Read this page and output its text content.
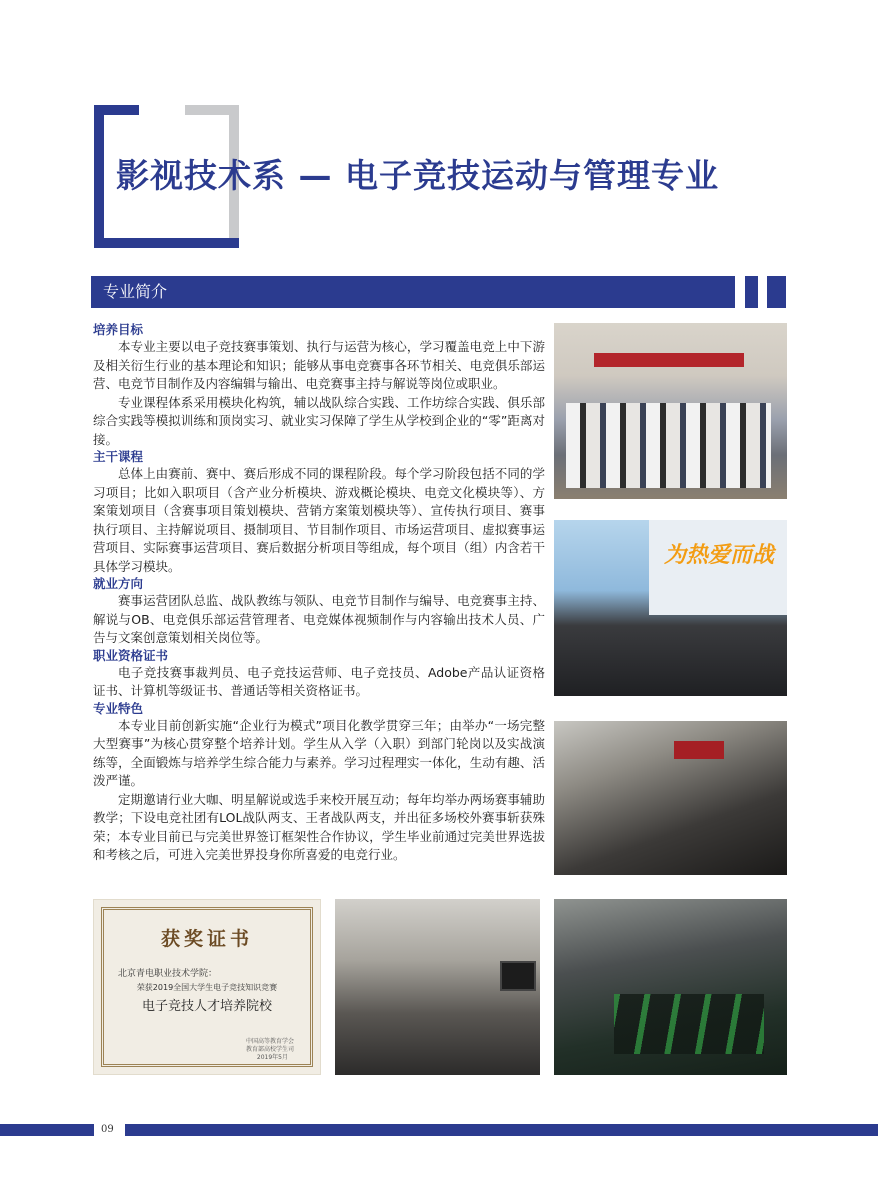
影视技术系 — 电子竞技运动与管理专业
专业简介

培养目标

本专业主要以电子竞技赛事策划、执行与运营为核心，学习覆盖电竞上中下游及相关衍生行业的基本理论和知识；能够从事电竞赛事各环节相关、电竞俱乐部运营、电竞节目制作及内容编辑与输出、电竞赛事主持与解说等岗位或职业。

专业课程体系采用模块化构筑，辅以战队综合实践、工作坊综合实践、俱乐部综合实践等模拟训练和顶岗实习、就业实习保障了学生从学校到企业的“零”距离对接。

主干课程

总体上由赛前、赛中、赛后形成不同的课程阶段。每个学习阶段包括不同的学习项目；比如入职项目（含产业分析模块、游戏概论模块、电竞文化模块等）、方案策划项目（含赛事项目策划模块、营销方案策划模块等）、宣传执行项目、赛事执行项目、主持解说项目、摄制项目、节目制作项目、市场运营项目、虚拟赛事运营项目、实际赛事运营项目、赛后数据分析项目等组成，每个项目（组）内含若干具体学习模块。

就业方向

赛事运营团队总监、战队教练与领队、电竞节目制作与编导、电竞赛事主持、解说与OB、电竞俱乐部运营管理者、电竞媒体视频制作与内容输出技术人员、广告与文案创意策划相关岗位等。

职业资格证书

电子竞技赛事裁判员、电子竞技运营师、电子竞技员、Adobe产品认证资格证书、计算机等级证书、普通话等相关资格证书。

专业特色

本专业目前创新实施“企业行为模式”项目化教学贯穿三年；由举办“一场完整大型赛事”为核心贯穿整个培养计划。学生从入学（入职）到部门轮岗以及实战演练等，全面锻炼与培养学生综合能力与素养。学习过程理实一体化，生动有趣、活泼严谨。

定期邀请行业大咖、明星解说或选手来校开展互动；每年均举办两场赛事辅助教学；下设电竞社团有LOL战队两支、王者战队两支，并出征多场校外赛事斩获殊荣；本专业目前已与完美世界签订框架性合作协议，学生毕业前通过完美世界选拔和考核之后，可进入完美世界投身你所喜爱的电竞行业。

为热爱而战
获奖证书
北京青电职业技术学院：
荣获2019全国大学生电子竞技知识竞赛
电子竞技人才培养院校
中国高等教育学会
教育部高校学生司
2019年5月
09
